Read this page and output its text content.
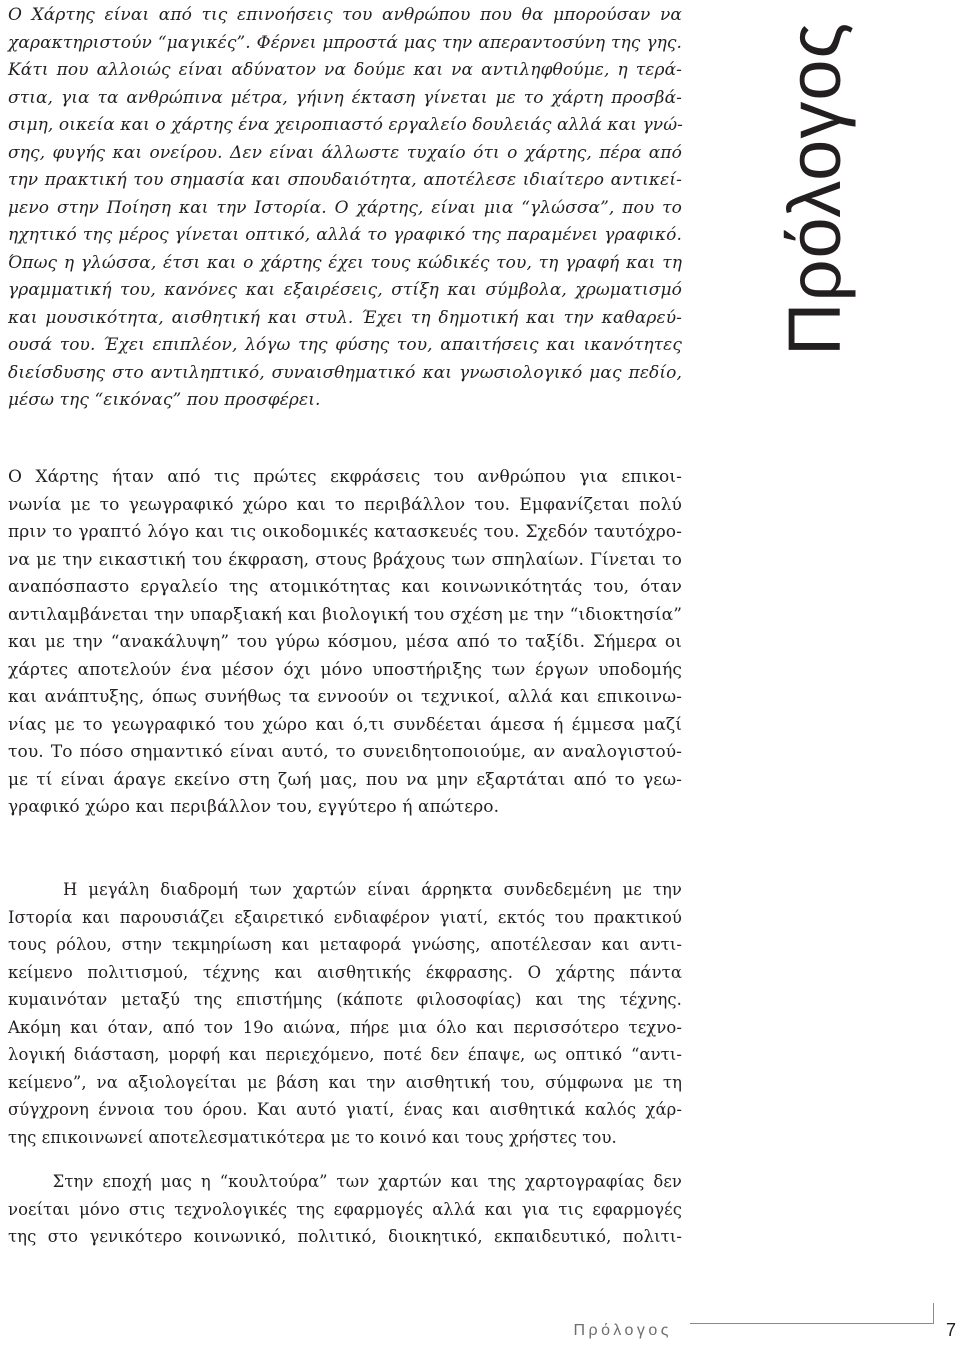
Ο Χάρτης είναι από τις επινοήσεις του ανθρώπου που θα μπορούσαν να
χαρακτηριστούν “μαγικές”. Φέρνει μπροστά μας την απεραντοσύνη της γης.
Κάτι που αλλοιώς είναι αδύνατον να δούμε και να αντιληφθούμε, η τερά-
στια, για τα ανθρώπινα μέτρα, γήινη έκταση γίνεται με το χάρτη προσβά-
σιμη, οικεία και ο χάρτης ένα χειροπιαστό εργαλείο δουλειάς αλλά και γνώ-
σης, φυγής και ονείρου. Δεν είναι άλλωστε τυχαίο ότι ο χάρτης, πέρα από
την πρακτική του σημασία και σπουδαιότητα, αποτέλεσε ιδιαίτερο αντικεί-
μενο στην Ποίηση και την Ιστορία. Ο χάρτης, είναι μια “γλώσσα”, που το
ηχητικό της μέρος γίνεται οπτικό, αλλά το γραφικό της παραμένει γραφικό.
Όπως η γλώσσα, έτσι και ο χάρτης έχει τους κώδικές του, τη γραφή και τη
γραμματική του, κανόνες και εξαιρέσεις, στίξη και σύμβολα, χρωματισμό
και μουσικότητα, αισθητική και στυλ. Έχει τη δημοτική και την καθαρεύ-
ουσά του. Έχει επιπλέον, λόγω της φύσης του, απαιτήσεις και ικανότητες
διείσδυσης στο αντιληπτικό, συναισθηματικό και γνωσιολογικό μας πεδίο,
μέσω της “εικόνας” που προσφέρει.
Ο Χάρτης ήταν από τις πρώτες εκφράσεις του ανθρώπου για επικοι-
νωνία με το γεωγραφικό χώρο και το περιβάλλον του. Εμφανίζεται πολύ
πριν το γραπτό λόγο και τις οικοδομικές κατασκευές του. Σχεδόν ταυτόχρο-
να με την εικαστική του έκφραση, στους βράχους των σπηλαίων. Γίνεται το
αναπόσπαστο εργαλείο της ατομικότητας και κοινωνικότητάς του, όταν
αντιλαμβάνεται την υπαρξιακή και βιολογική του σχέση με την “ιδιοκτησία”
και με την “ανακάλυψη” του γύρω κόσμου, μέσα από το ταξίδι. Σήμερα οι
χάρτες αποτελούν ένα μέσον όχι μόνο υποστήριξης των έργων υποδομής
και ανάπτυξης, όπως συνήθως τα εννοούν οι τεχνικοί, αλλά και επικοινω-
νίας με το γεωγραφικό του χώρο και ό,τι συνδέεται άμεσα ή έμμεσα μαζί
του. Το πόσο σημαντικό είναι αυτό, το συνειδητοποιούμε, αν αναλογιστού-
με τί είναι άραγε εκείνο στη ζωή μας, που να μην εξαρτάται από το γεω-
γραφικό χώρο και περιβάλλον του, εγγύτερο ή απώτερο.
Η μεγάλη διαδρομή των χαρτών είναι άρρηκτα συνδεδεμένη με την
Ιστορία και παρουσιάζει εξαιρετικό ενδιαφέρον γιατί, εκτός του πρακτικού
τους ρόλου, στην τεκμηρίωση και μεταφορά γνώσης, αποτέλεσαν και αντι-
κείμενο πολιτισμού, τέχνης και αισθητικής έκφρασης. Ο χάρτης πάντα
κυμαινόταν μεταξύ της επιστήμης (κάποτε φιλοσοφίας) και της τέχνης.
Ακόμη και όταν, από τον 19ο αιώνα, πήρε μια όλο και περισσότερο τεχνο-
λογική διάσταση, μορφή και περιεχόμενο, ποτέ δεν έπαψε, ως οπτικό “αντι-
κείμενο”, να αξιολογείται με βάση και την αισθητική του, σύμφωνα με τη
σύγχρονη έννοια του όρου. Και αυτό γιατί, ένας και αισθητικά καλός χάρ-
της επικοινωνεί αποτελεσματικότερα με το κοινό και τους χρήστες του.
Στην εποχή μας η “κουλτούρα” των χαρτών και της χαρτογραφίας δεν
νοείται μόνο στις τεχνολογικές της εφαρμογές αλλά και για τις εφαρμογές
της στο γενικότερο κοινωνικό, πολιτικό, διοικητικό, εκπαιδευτικό, πολιτι-
Πρόλογος
Πρόλογος	7
